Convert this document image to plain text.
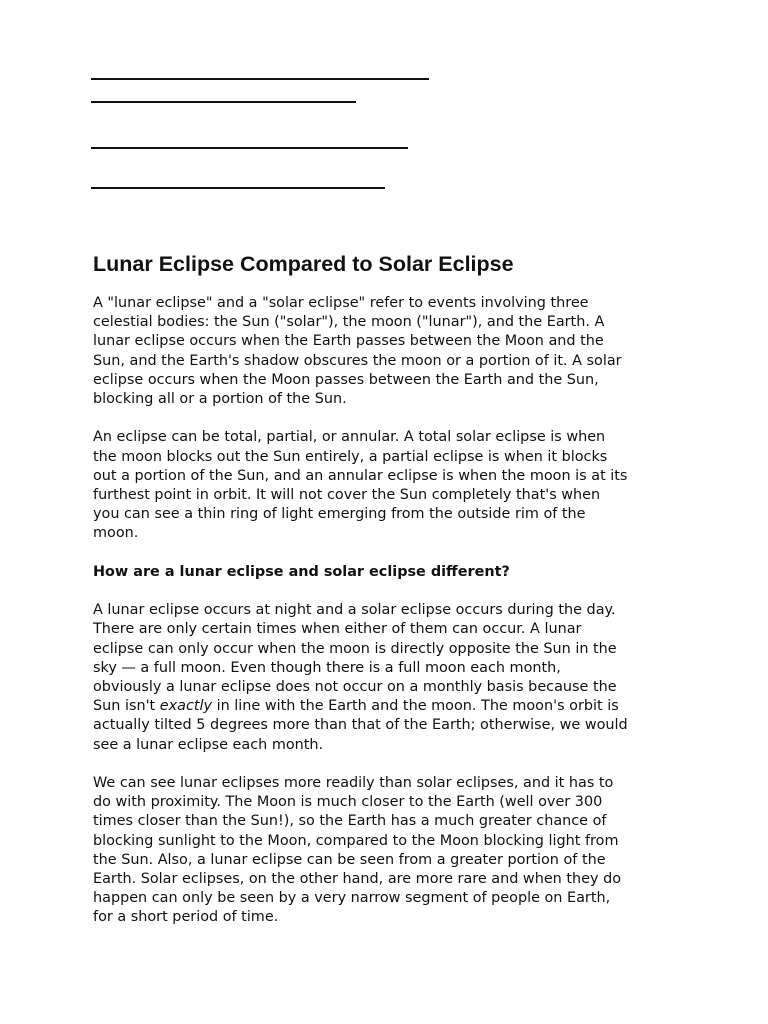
Lunar Eclipse Compared to Solar Eclipse

A "lunar eclipse" and a "solar eclipse" refer to events involving three
celestial bodies: the Sun ("solar"), the moon ("lunar"), and the Earth. A
lunar eclipse occurs when the Earth passes between the Moon and the
Sun, and the Earth's shadow obscures the moon or a portion of it. A solar
eclipse occurs when the Moon passes between the Earth and the Sun,
blocking all or a portion of the Sun.

An eclipse can be total, partial, or annular. A total solar eclipse is when
the moon blocks out the Sun entirely, a partial eclipse is when it blocks
out a portion of the Sun, and an annular eclipse is when the moon is at its
furthest point in orbit. It will not cover the Sun completely that's when
you can see a thin ring of light emerging from the outside rim of the
moon.

How are a lunar eclipse and solar eclipse different?

A lunar eclipse occurs at night and a solar eclipse occurs during the day.
There are only certain times when either of them can occur. A lunar
eclipse can only occur when the moon is directly opposite the Sun in the
sky — a full moon. Even though there is a full moon each month,
obviously a lunar eclipse does not occur on a monthly basis because the
Sun isn't exactly in line with the Earth and the moon. The moon's orbit is
actually tilted 5 degrees more than that of the Earth; otherwise, we would
see a lunar eclipse each month.

We can see lunar eclipses more readily than solar eclipses, and it has to
do with proximity. The Moon is much closer to the Earth (well over 300
times closer than the Sun!), so the Earth has a much greater chance of
blocking sunlight to the Moon, compared to the Moon blocking light from
the Sun. Also, a lunar eclipse can be seen from a greater portion of the
Earth. Solar eclipses, on the other hand, are more rare and when they do
happen can only be seen by a very narrow segment of people on Earth,
for a short period of time.
